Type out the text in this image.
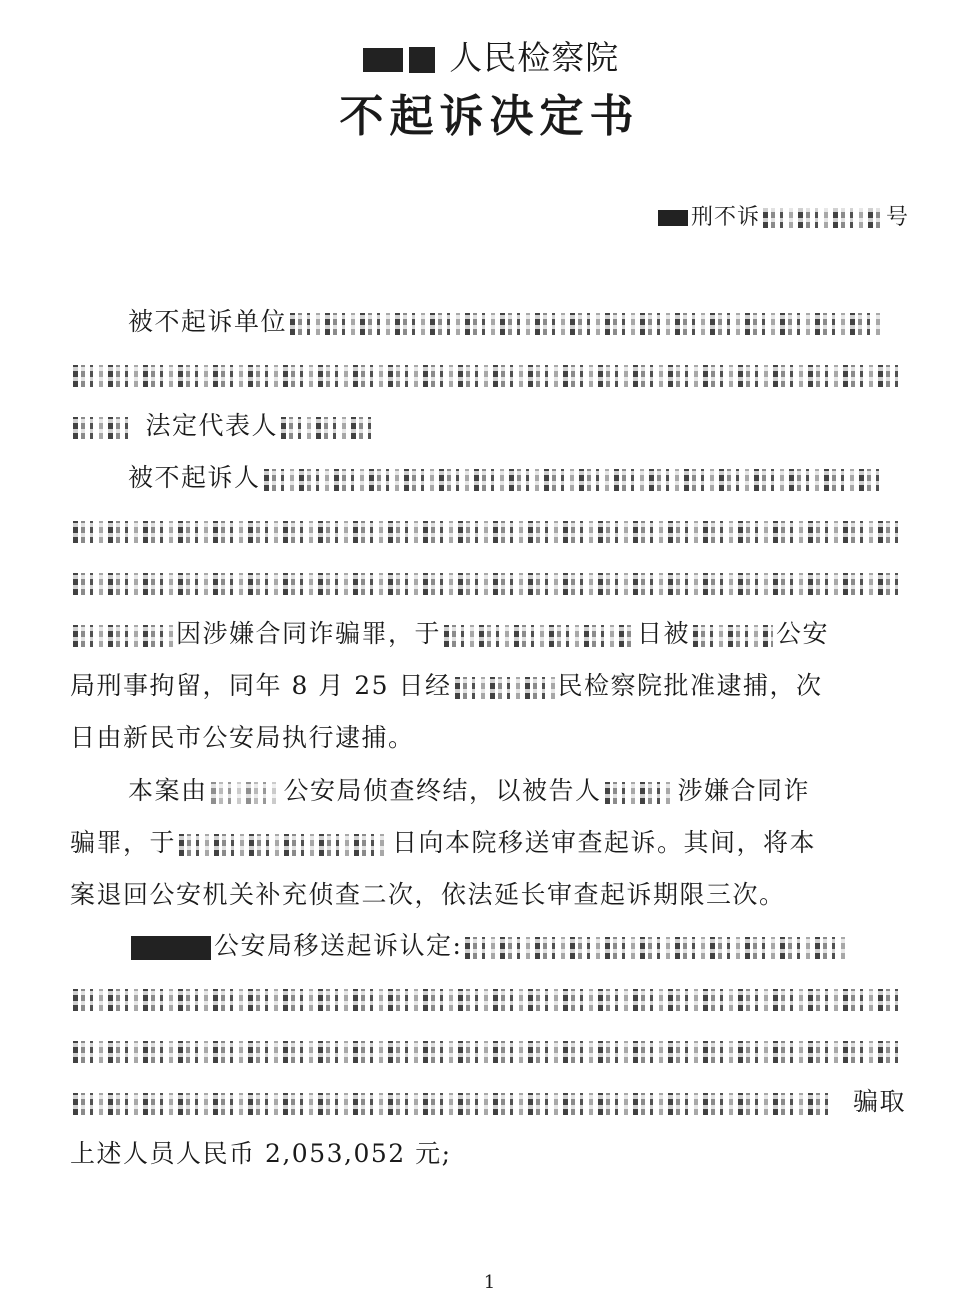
人民检察院
不起诉决定书
刑不诉	号
被不起诉单位
法定代表人
被不起诉人
因涉嫌合同诈骗罪，于	日被	公安
局刑事拘留，同年 8 月 25 日经	民检察院批准逮捕，次
日由新民市公安局执行逮捕。
本案由	公安局侦查终结，以被告人	涉嫌合同诈
骗罪，于	日向本院移送审查起诉。其间，将本
案退回公安机关补充侦查二次，依法延长审查起诉期限三次。
公安局移送起诉认定:
骗取
上述人员人民币 2,053,052 元;
1
